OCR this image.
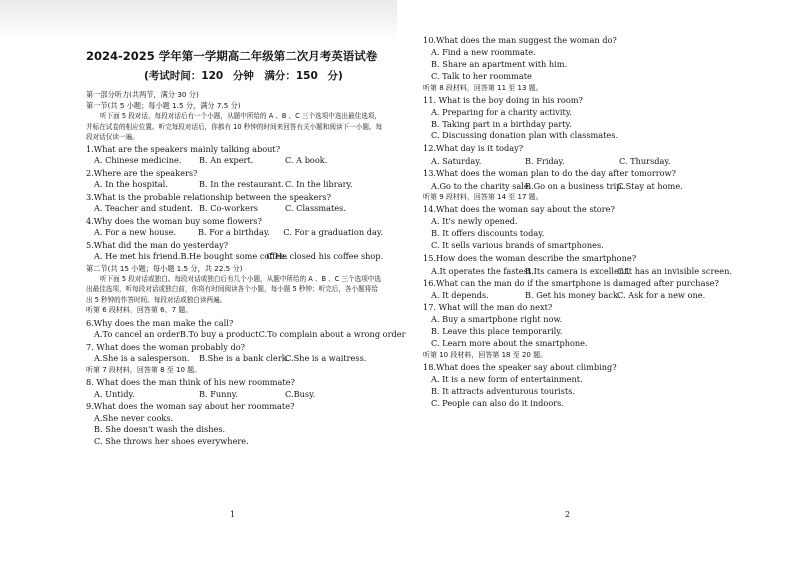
2024-2025 学年第一学期高二年级第二次月考英语试卷
(考试时间：120 分钟　满分：150 分)
第一部分听力(共两节，满分 30 分)
第一节(共 5 小题；每小题 1.5 分，满分 7.5 分)
听下面 5 段对话，每段对话后有一个小题，从题中所给的 A 、B 、C 三个选项中选出最佳选项，并标在试卷的相应位置。听完每段对话后，你都有 10 秒钟的时间来回答有关小题和阅读下一小题。每段对话仅读一遍。
1.What are the speakers mainly talking about?
A. Chinese medicine.	B. An expert.	C. A book.
2.Where are the speakers?
A. In the hospital.	B. In the restaurant. C. In the library.
3.What is the probable relationship between the speakers?
A. Teacher and student. B. Co-workers	C. Classmates.
4.Why does the woman buy some flowers?
A. For a new house.	B. For a birthday.	C. For a graduation day.
5.What did the man do yesterday?
A. He met his friend. B.He bought some coffee.
C.He closed his coffee shop.
第二节(共 15 小题；每小题 1.5 分，共 22.5 分)
听下面 5 段对话或独白。每段对话或独白后有几个小题，从题中所给的 A 、B 、C 三个选项中选出最佳选项，听每段对话或独白前，你将有时间阅读各个小题，每小题 5 秒钟；听完后，各小题将给出 5 秒钟的作答时间。每段对话或独白读两遍。
听第 6 段材料，回答第 6、7 题。
6.Why does the man make the call?
A.To cancel an order B.To buy a product C.To complain about a wrong order
7. What does the woman probably do?
A.She is a salesperson.	B.She is a bank clerk.
C.She is a waitress.
听第 7 段材料，回答第 8 至 10 题。
8. What does the man think of his new roommate?
A. Untidy.	B. Funny.	C.Busy.
9.What does the woman say about her roommate?
A.She never cooks.
B. She doesn't wash the dishes.
C. She throws her shoes everywhere.
1
10.What does the man suggest the woman do?
A. Find a new roommate.
B. Share an apartment with him.
C. Talk to her roommate
听第 8 段材料，回答第 11 至 13 题。
11. What is the boy doing in his room?
A. Preparing for a charity activity.
B. Taking part in a birthday party.
C. Discussing donation plan with classmates.
12.What day is it today?
A. Saturday.	B. Friday.	C. Thursday.
13.What does the woman plan to do the day after tomorrow?
A.Go to the charity sale.
B.Go on a business trip.
C.Stay at home.
听第 9 段材料，回答第 14 至 17 题。
14.What does the woman say about the store?
A. It's newly opened.
B. It offers discounts today.
C. It sells various brands of smartphones.
15.How does the woman describe the smartphone?
A.It operates the fastest.
B.Its camera is excellent.
C.It has an invisible screen.
16.What can the man do if the smartphone is damaged after purchase?
A. It depends.	B. Get his money back.
C. Ask for a new one.
17. What will the man do next?
A. Buy a smartphone right now.
B. Leave this place temporarily.
C. Learn more about the smartphone.
听第 10 段材料，回答第 18 至 20 题。
18.What does the speaker say about climbing?
A. It is a new form of entertainment.
B. It attracts adventurous tourists.
C. People can also do it indoors.
2
